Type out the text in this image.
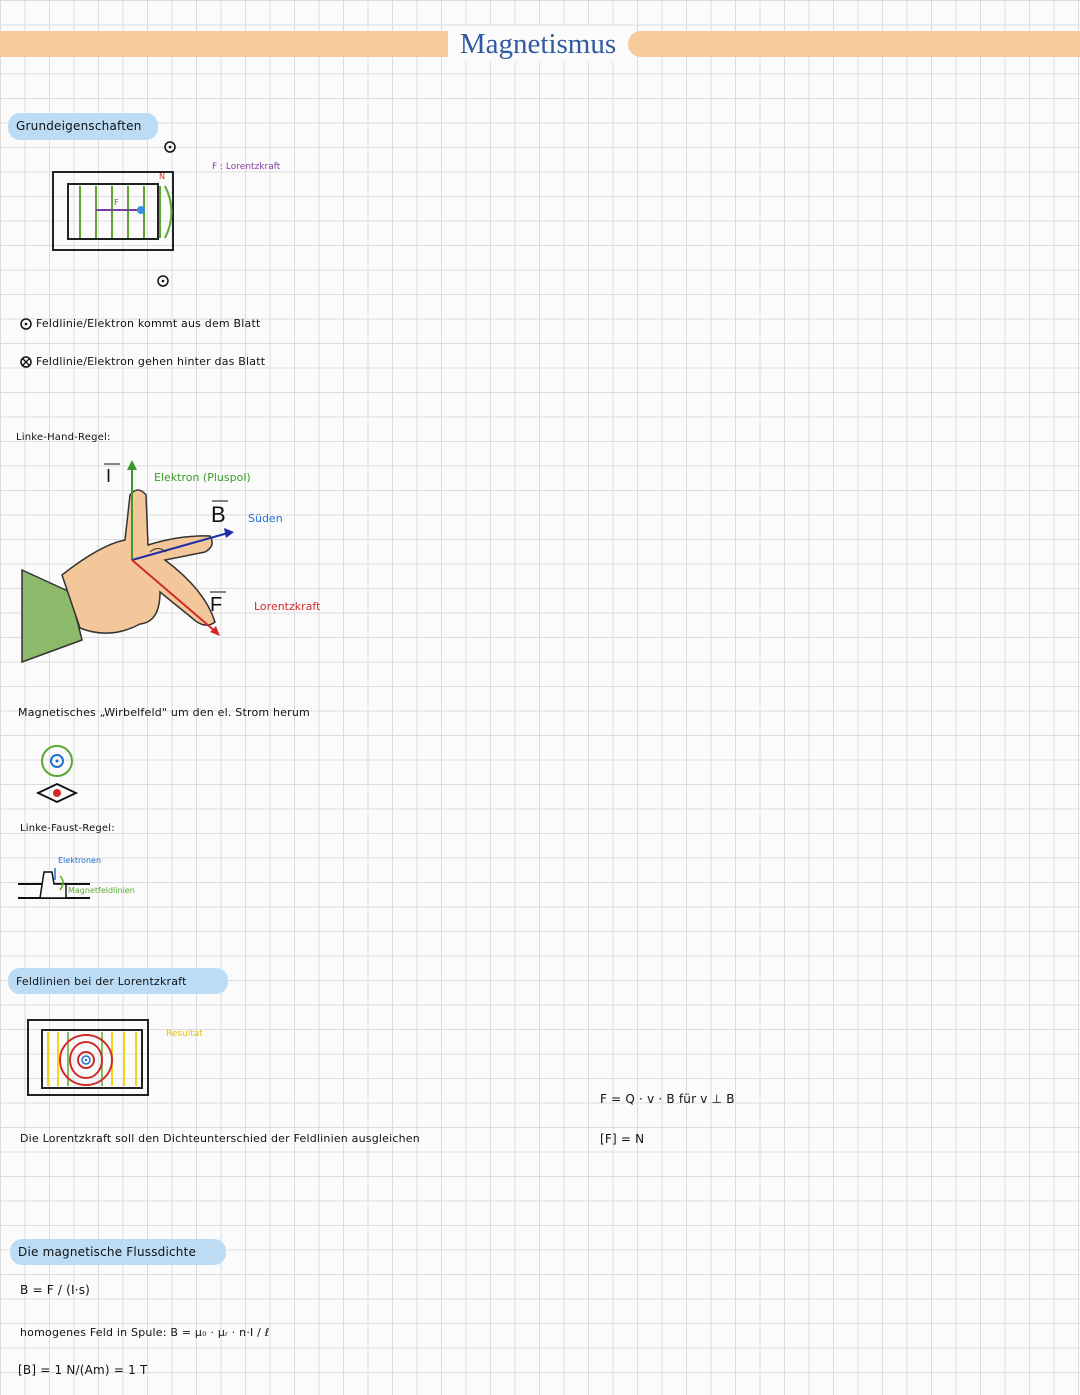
Magnetismus
Grundeigenschaften
N
F
F : Lorentzkraft
Feldlinie/Elektron kommt aus dem Blatt
Feldlinie/Elektron gehen hinter das Blatt
Linke-Hand-Regel:
I	Elektron (Pluspol)
B Süden
F	Lorentzkraft
Magnetisches „Wirbelfeld" um den el. Strom herum
Linke-Faust-Regel:
Elektronen
Magnetfeldlinien
Feldlinien bei der Lorentzkraft
Resultat
Die Lorentzkraft soll den Dichteunterschied der Feldlinien ausgleichen
F = Q · v · B für v ⊥ B
[F] = N
Die magnetische Flussdichte
B = F / (I·s)
homogenes Feld in Spule: B = μ₀ · μᵣ · n·I / ℓ
[B] = 1 N/(Am) = 1 T
